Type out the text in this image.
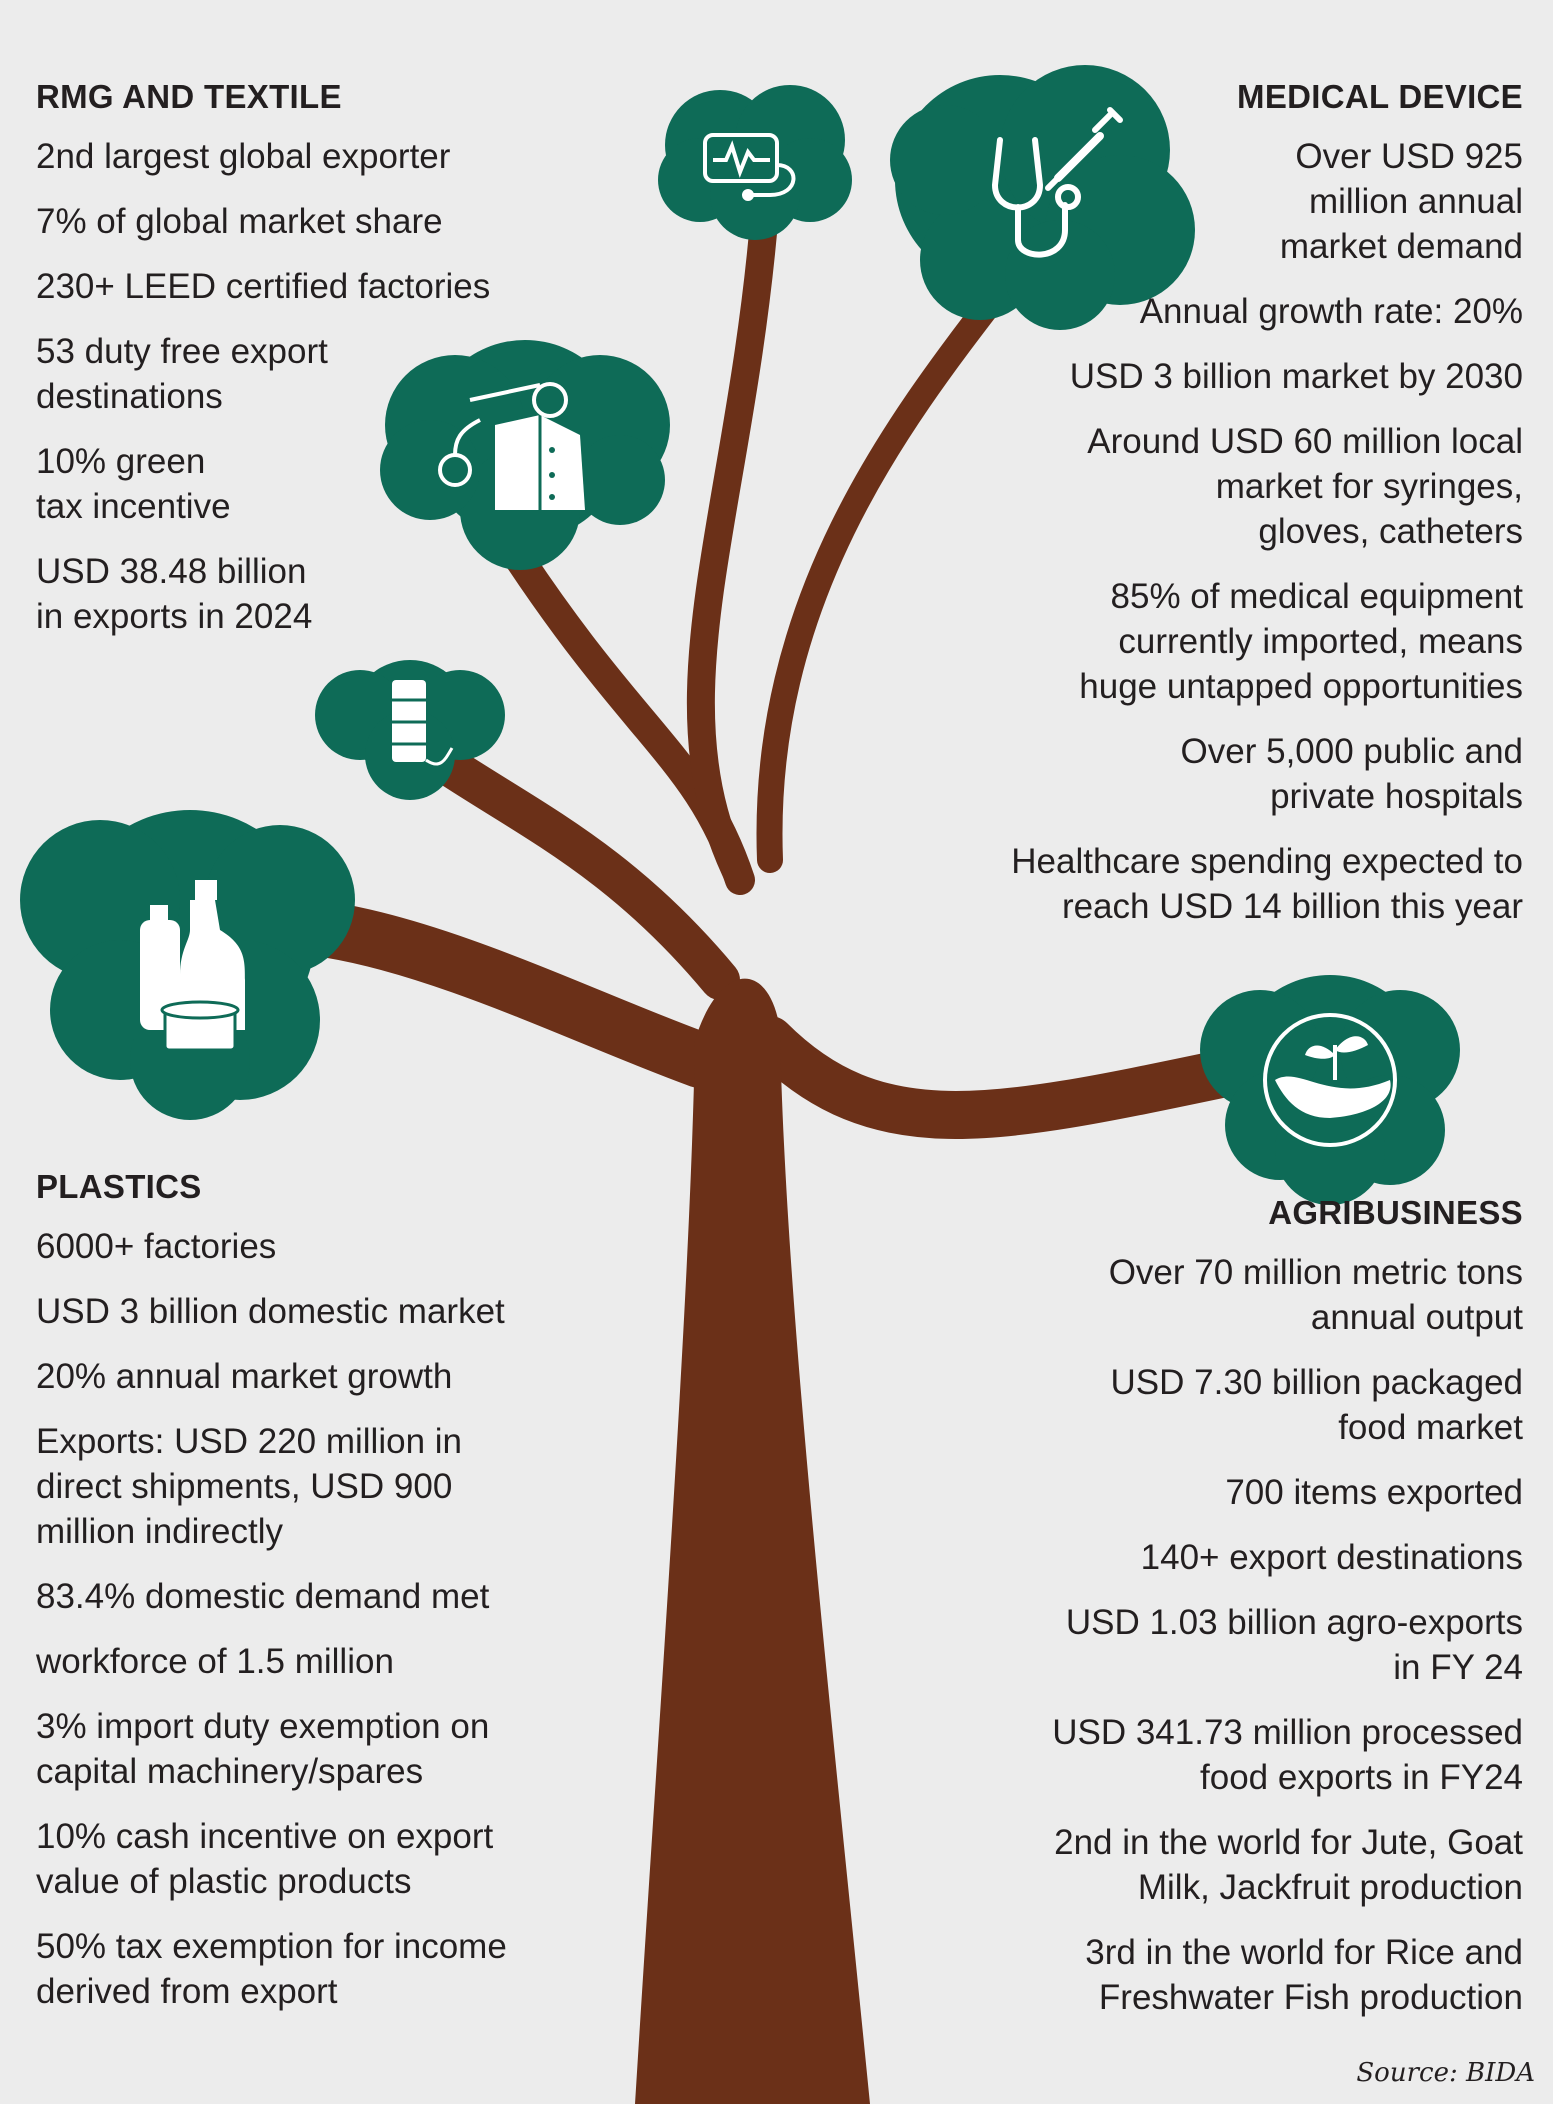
RMG AND TEXTILE
2nd largest global exporter
7% of global market share
230+ LEED certified factories
53 duty free export
destinations
10% green
tax incentive
USD 38.48 billion
in exports in 2024
MEDICAL DEVICE
Over USD 925
million annual
market demand
Annual growth rate: 20%
USD 3 billion market by 2030
Around USD 60 million local
market for syringes,
gloves, catheters
85% of medical equipment
currently imported, means
huge untapped opportunities
Over 5,000 public and
private hospitals
Healthcare spending expected to
reach USD 14 billion this year
PLASTICS
6000+ factories
USD 3 billion domestic market
20% annual market growth
Exports: USD 220 million in
direct shipments, USD 900
million indirectly
83.4% domestic demand met
workforce of 1.5 million
3% import duty exemption on
capital machinery/spares
10% cash incentive on export
value of plastic products
50% tax exemption for income
derived from export
AGRIBUSINESS
Over 70 million metric tons
annual output
USD 7.30 billion packaged
food market
700 items exported
140+ export destinations
USD 1.03 billion agro-exports
in FY 24
USD 341.73 million processed
food exports in FY24
2nd in the world for Jute, Goat
Milk, Jackfruit production
3rd in the world for Rice and
Freshwater Fish production
Source: BIDA
